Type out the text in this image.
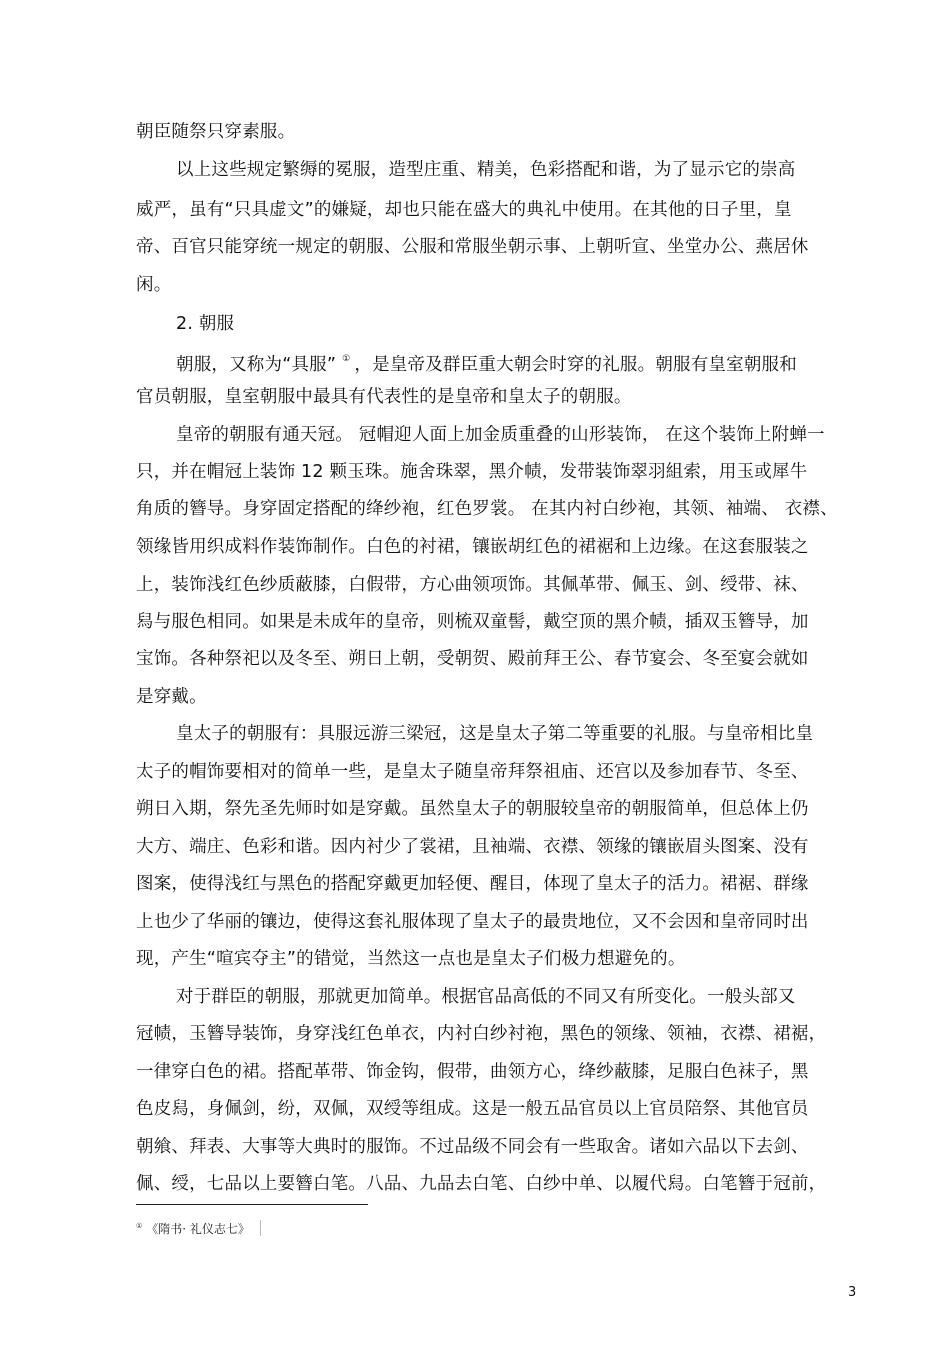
朝臣随祭只穿素服。
以上这些规定繁缛的冕服，造型庄重、精美，色彩搭配和谐，为了显示它的崇高
威严，虽有“只具虚文”的嫌疑，却也只能在盛大的典礼中使用。在其他的日子里，皇
帝、百官只能穿统一规定的朝服、公服和常服坐朝示事、上朝听宣、坐堂办公、燕居休
闲。
2. 朝服
朝服，又称为“具服” ① ，是皇帝及群臣重大朝会时穿的礼服。朝服有皇室朝服和
官员朝服，皇室朝服中最具有代表性的是皇帝和皇太子的朝服。
皇帝的朝服有通天冠。 冠帽迎人面上加金质重叠的山形装饰， 在这个装饰上附蝉一
只，并在帽冠上装饰 12 颗玉珠。施舍珠翠，黑介帻，发带装饰翠羽組索，用玉或犀牛
角质的簪导。身穿固定搭配的绛纱袍，红色罗裳。 在其内衬白纱袍，其领、袖端、 衣襟、
领缘皆用织成料作装饰制作。白色的衬裙，镶嵌胡红色的裙裾和上边缘。在这套服装之
上，装饰浅红色纱质蔽膝，白假带，方心曲领项饰。其佩革带、佩玉、剑、绶带、袜、
舄与服色相同。如果是未成年的皇帝，则梳双童髻，戴空顶的黑介帻，插双玉簪导，加
宝饰。各种祭祀以及冬至、朔日上朝，受朝贺、殿前拜王公、春节宴会、冬至宴会就如
是穿戴。
皇太子的朝服有：具服远游三梁冠，这是皇太子第二等重要的礼服。与皇帝相比皇
太子的帽饰要相对的简单一些，是皇太子随皇帝拜祭祖庙、还宫以及参加春节、冬至、
朔日入期，祭先圣先师时如是穿戴。虽然皇太子的朝服较皇帝的朝服简单，但总体上仍
大方、端庄、色彩和谐。因内衬少了裳裙，且袖端、衣襟、领缘的镶嵌眉头图案、没有
图案，使得浅红与黑色的搭配穿戴更加轻便、醒目，体现了皇太子的活力。裙裾、群缘
上也少了华丽的镶边，使得这套礼服体现了皇太子的最贵地位，又不会因和皇帝同时出
现，产生“喧宾夺主”的错觉，当然这一点也是皇太子们极力想避免的。
对于群臣的朝服，那就更加简单。根据官品高低的不同又有所变化。一般头部又
冠帻，玉簪导装饰，身穿浅红色单衣，内衬白纱衬袍，黑色的领缘、领袖，衣襟、裙裾，
一律穿白色的裙。搭配革带、饰金钩，假带，曲领方心，绛纱蔽膝，足服白色袜子，黑
色皮舄，身佩剑，纷，双佩，双绶等组成。这是一般五品官员以上官员陪祭、其他官员
朝飨、拜表、大事等大典时的服饰。不过品级不同会有一些取舍。诸如六品以下去剑、
佩、绶，七品以上要簪白笔。八品、九品去白笔、白纱中单、以履代舄。白笔簪于冠前，
① 《隋书· 礼仪志七》
3
